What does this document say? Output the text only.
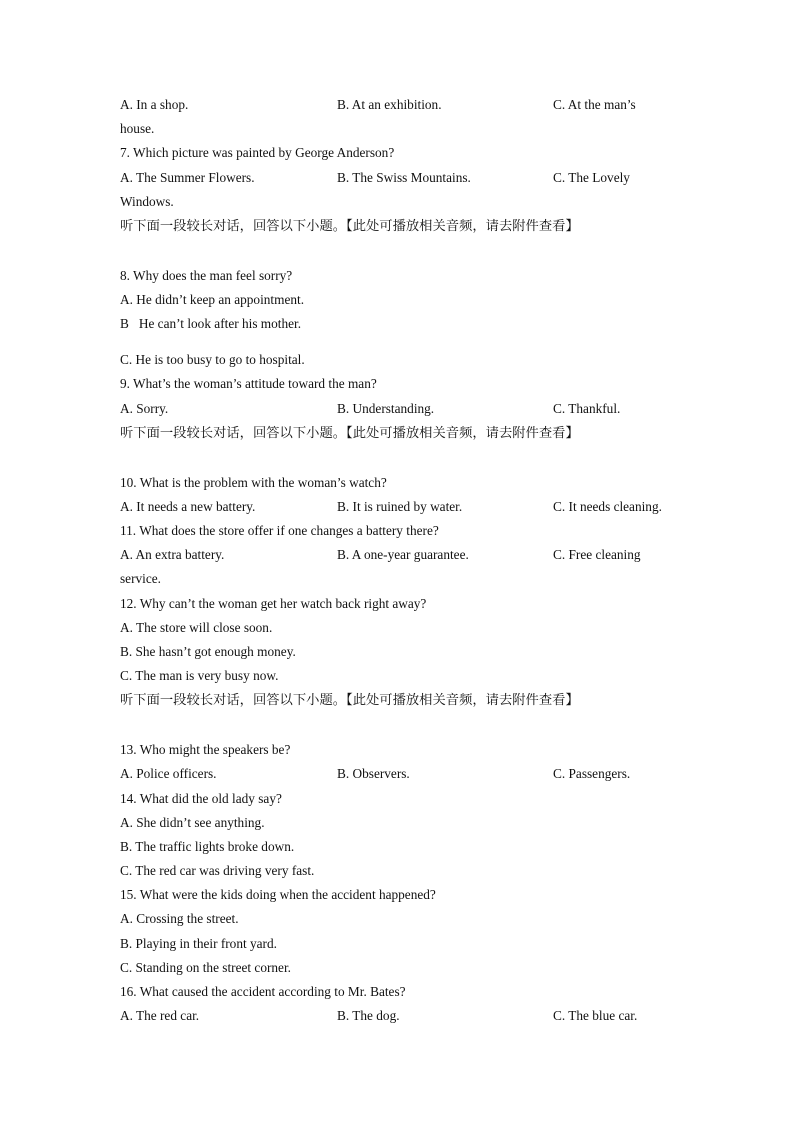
A. In a shop.	B. At an exhibition.	C. At the man’s
house.
7. Which picture was painted by George Anderson?
A. The Summer Flowers.	B. The Swiss Mountains.	C. The Lovely
Windows.
听下面一段较长对话，回答以下小题。【此处可播放相关音频，请去附件查看】
8. Why does the man feel sorry?
A. He didn’t keep an appointment.
B   He can’t look after his mother.
C. He is too busy to go to hospital.
9. What’s the woman’s attitude toward the man?
A. Sorry.	B. Understanding.	C. Thankful.
听下面一段较长对话，回答以下小题。【此处可播放相关音频，请去附件查看】
10. What is the problem with the woman’s watch?
A. It needs a new battery.	B. It is ruined by water.	C. It needs cleaning.
11. What does the store offer if one changes a battery there?
A. An extra battery.	B. A one-year guarantee.	C. Free cleaning
service.
12. Why can’t the woman get her watch back right away?
A. The store will close soon.
B. She hasn’t got enough money.
C. The man is very busy now.
听下面一段较长对话，回答以下小题。【此处可播放相关音频，请去附件查看】
13. Who might the speakers be?
A. Police officers.	B. Observers.	C. Passengers.
14. What did the old lady say?
A. She didn’t see anything.
B. The traffic lights broke down.
C. The red car was driving very fast.
15. What were the kids doing when the accident happened?
A. Crossing the street.
B. Playing in their front yard.
C. Standing on the street corner.
16. What caused the accident according to Mr. Bates?
A. The red car.	B. The dog.	C. The blue car.
